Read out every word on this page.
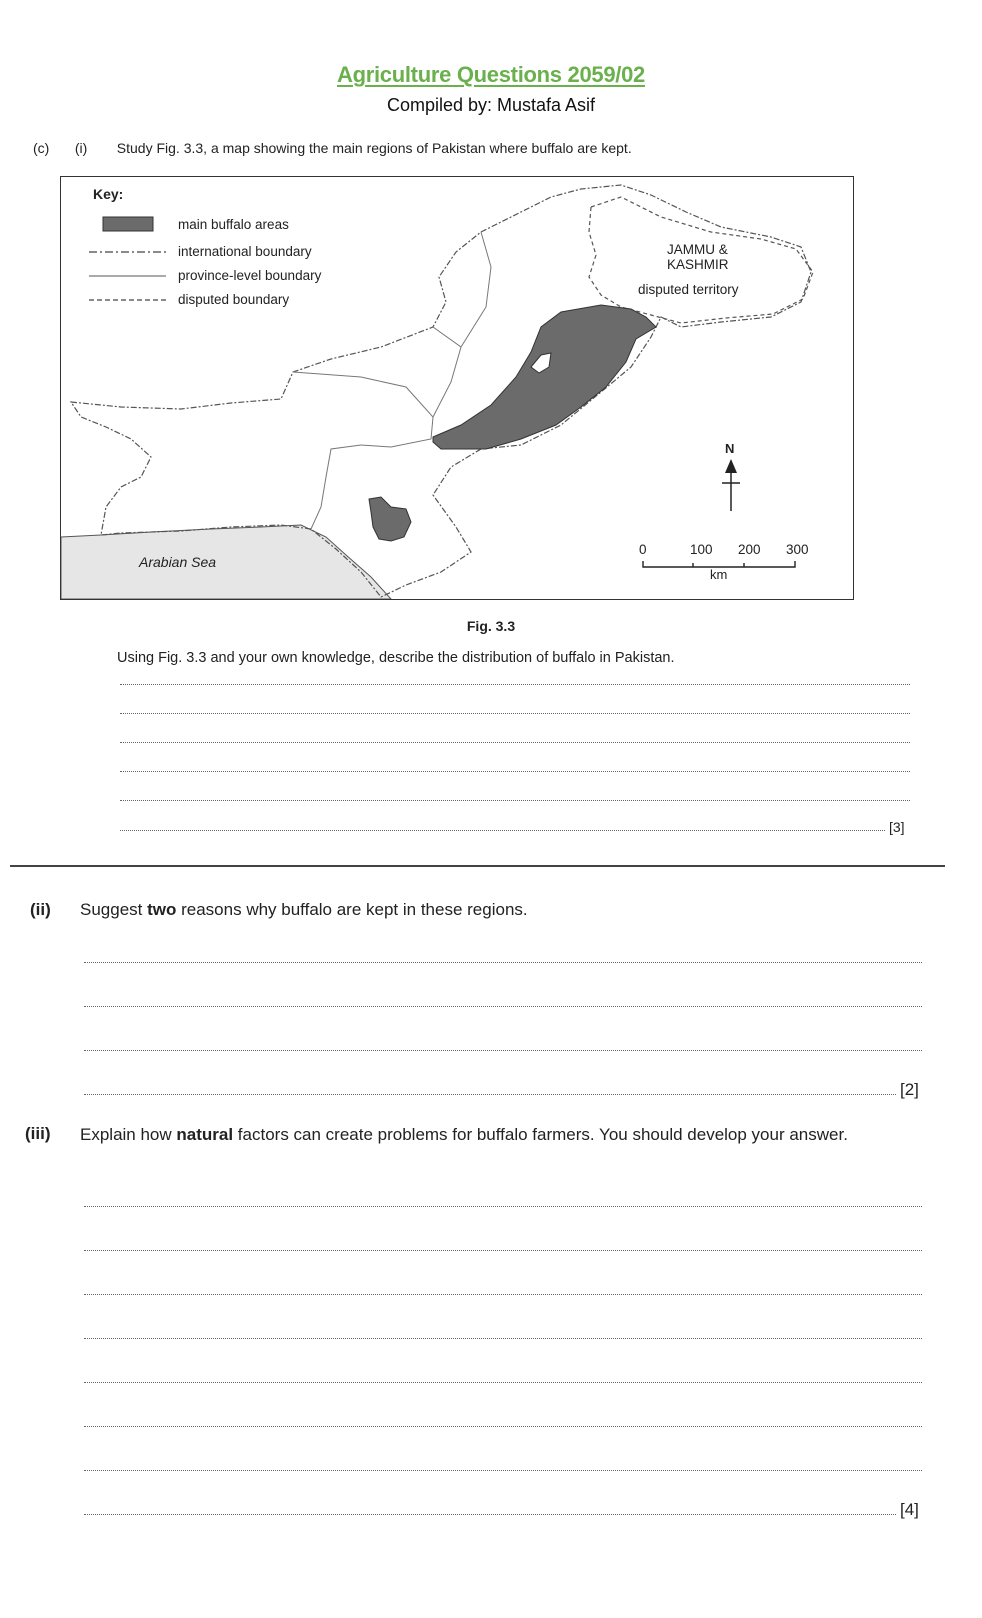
Agriculture Questions 2059/02
Compiled by: Mustafa Asif
(c) (i) Study Fig. 3.3, a map showing the main regions of Pakistan where buffalo are kept.
Key:
main buffalo areas
international boundary
province-level boundary
disputed boundary
JAMMU &
KASHMIR
disputed territory
Arabian Sea
N
0	100 200 300
km
Fig. 3.3
Using Fig. 3.3 and your own knowledge, describe the distribution of buffalo in Pakistan.
[3]
(ii) Suggest two reasons why buffalo are kept in these regions.
[2]
(iii) Explain how natural factors can create problems for buffalo farmers. You should develop your answer.
[4]
